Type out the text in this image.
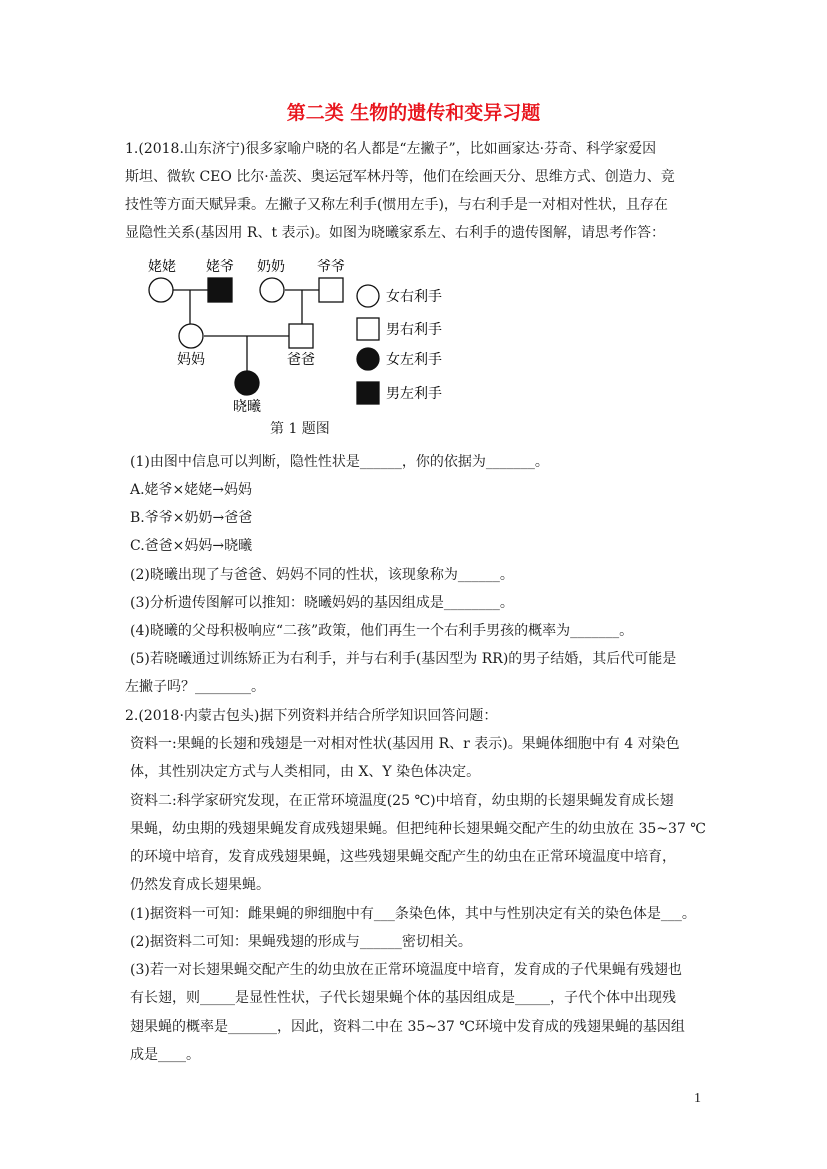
第二类 生物的遗传和变异习题
1.(2018.山东济宁)很多家喻户晓的名人都是“左撇子”，比如画家达·芬奇、科学家爱因
斯坦、微软 CEO 比尔·盖茨、奥运冠军林丹等，他们在绘画天分、思维方式、创造力、竞
技性等方面天赋异秉。左撇子又称左利手(惯用左手)，与右利手是一对相对性状，且存在
显隐性关系(基因用 R、t 表示)。如图为晓曦家系左、右利手的遗传图解，请思考作答：
姥姥 姥爷 奶奶 爷爷
妈妈	爸爸
晓曦
女右利手
男右利手
女左利手
男左利手
第 1 题图
(1)由图中信息可以判断，隐性性状是______，你的依据为_______。
A.姥爷×姥姥→妈妈
B.爷爷×奶奶→爸爸
C.爸爸×妈妈→晓曦
(2)晓曦出现了与爸爸、妈妈不同的性状，该现象称为______。
(3)分析遗传图解可以推知：晓曦妈妈的基因组成是________。
(4)晓曦的父母积极响应“二孩”政策，他们再生一个右利手男孩的概率为_______。
(5)若晓曦通过训练矫正为右利手，并与右利手(基因型为 RR)的男子结婚，其后代可能是
左撇子吗？________。
2.(2018·内蒙古包头)据下列资料并结合所学知识回答问题：
资料一:果蝇的长翅和残翅是一对相对性状(基因用 R、r 表示)。果蝇体细胞中有 4 对染色
体，其性别决定方式与人类相同，由 X、Y 染色体决定。
资料二:科学家研究发现，在正常环境温度(25 ℃)中培育，幼虫期的长翅果蝇发育成长翅
果蝇，幼虫期的残翅果蝇发育成残翅果蝇。但把纯种长翅果蝇交配产生的幼虫放在 35~37 ℃
的环境中培育，发育成残翅果蝇，这些残翅果蝇交配产生的幼虫在正常环境温度中培育，
仍然发育成长翅果蝇。
(1)据资料一可知：雌果蝇的卵细胞中有___条染色体，其中与性别决定有关的染色体是___。
(2)据资料二可知：果蝇残翅的形成与______密切相关。
(3)若一对长翅果蝇交配产生的幼虫放在正常环境温度中培育，发育成的子代果蝇有残翅也
有长翅，则_____是显性性状，子代长翅果蝇个体的基因组成是_____，子代个体中出现残
翅果蝇的概率是_______，因此，资料二中在 35~37 ℃环境中发育成的残翅果蝇的基因组
成是____。
1
